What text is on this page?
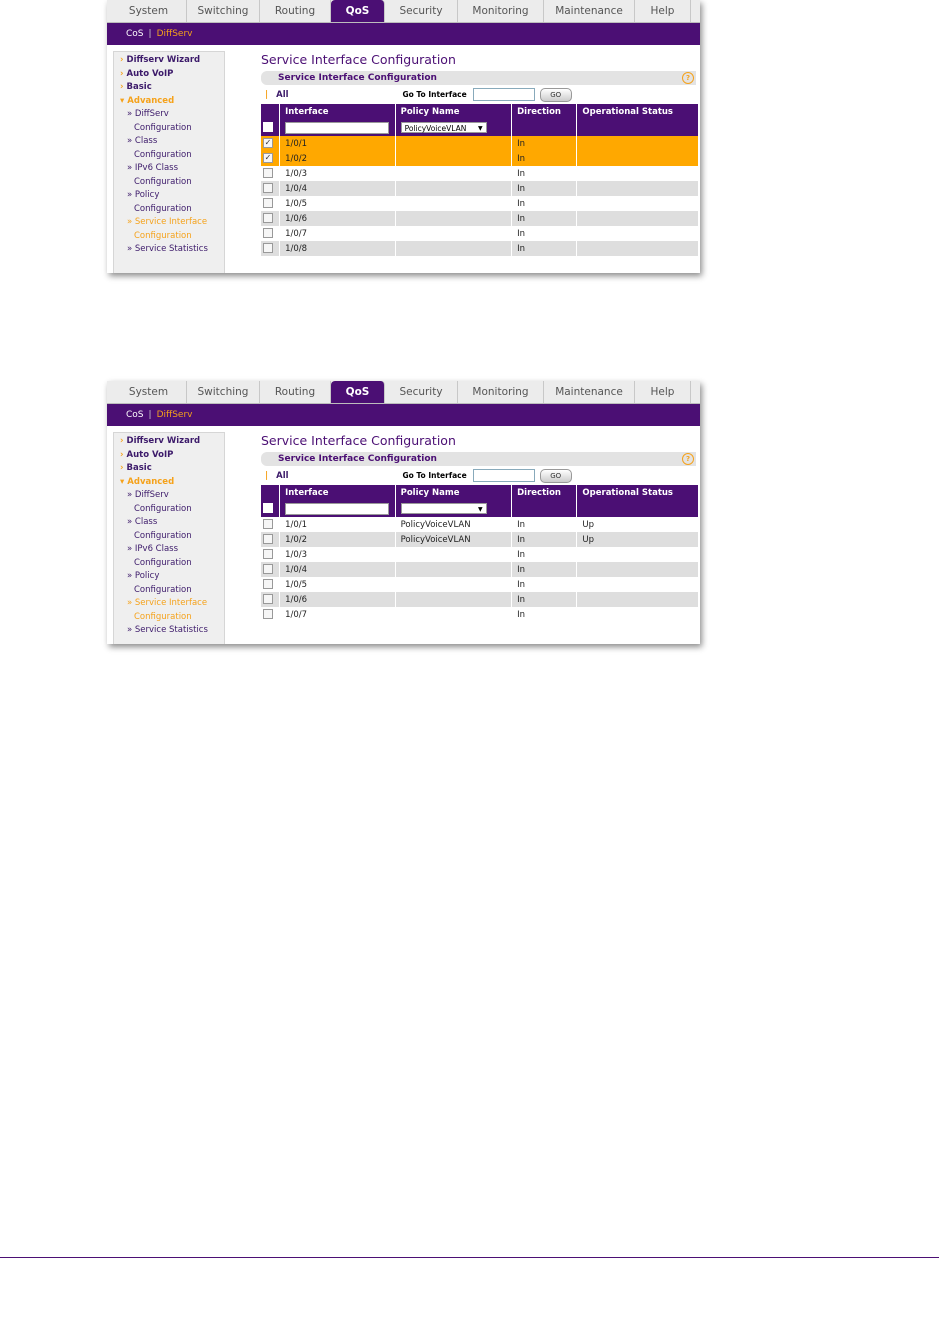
System	Switching	Routing	QoS	Security	Monitoring	Maintenance	Help
CoS | DiffServ
› Diffserv Wizard
› Auto VoIP
› Basic
▾ Advanced
» DiffServ
Configuration
» Class
Configuration
» IPv6 Class
Configuration
» Policy
Configuration
» Service Interface
Configuration
» Service Statistics
Service Interface Configuration
Service Interface Configuration	?
| All	Go To Interface	GO
	Interface	Policy Name	Direction	Operational Status

		PolicyVoiceVLAN ▼		

✓	1/0/1		In	
✓	1/0/2		In	
	1/0/3		In	
	1/0/4		In	
	1/0/5		In	
	1/0/6		In	
	1/0/7		In	
	1/0/8		In	
System	Switching	Routing	QoS	Security	Monitoring	Maintenance	Help
CoS | DiffServ
› Diffserv Wizard
› Auto VoIP
› Basic
▾ Advanced
» DiffServ
Configuration
» Class
Configuration
» IPv6 Class
Configuration
» Policy
Configuration
» Service Interface
Configuration
» Service Statistics
Service Interface Configuration
Service Interface Configuration	?
| All	Go To Interface	GO
	Interface	Policy Name	Direction	Operational Status

		▼		

	1/0/1	PolicyVoiceVLAN	In	Up
	1/0/2	PolicyVoiceVLAN	In	Up
	1/0/3		In	
	1/0/4		In	
	1/0/5		In	
	1/0/6		In	
	1/0/7		In	
